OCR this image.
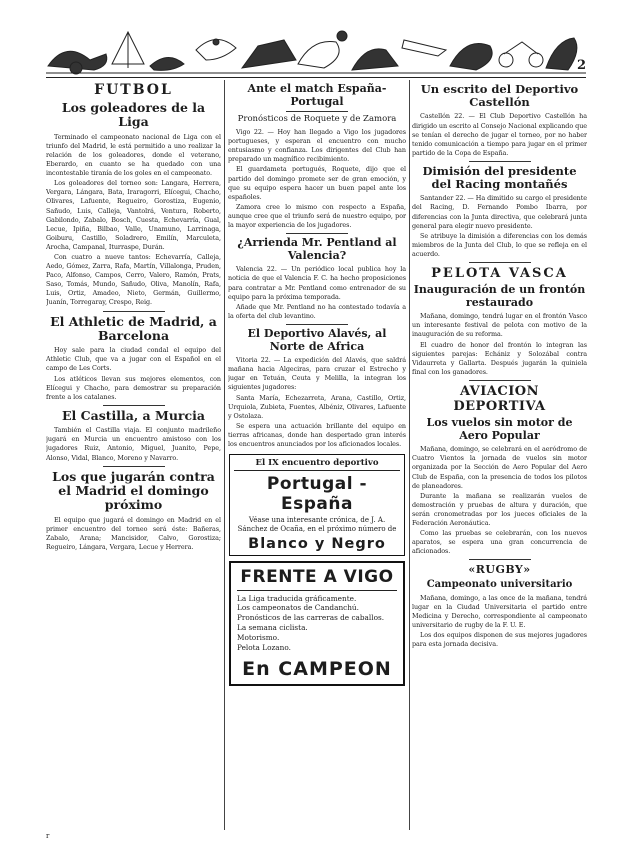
2
FUTBOL
Los goleadores de la Liga

Terminado el campeonato nacional de Liga con el triunfo del Madrid, le está permitido a uno realizar la relación de los goleadores, donde el veterano, Eberardo, en cuanto se ha quedado con una incontestable tiranía de los goles en el campeonato.

Los goleadores del torneo son: Langara, Herrera, Vergara, Lángara, Bata, Iraragorri, Elícegui, Chacho, Olivares, Lafuente, Regueiro, Gorostiza, Eugenio, Sañudo, Luis, Calleja, Vantolrá, Ventura, Roberto, Gabilondo, Zabalo, Bosch, Cuesta, Echevarría, Gual, Lecue, Ipiña, Bilbao, Valle, Unamuno, Larrinaga, Goiburu, Castillo, Soladrero, Emilín, Marculeta, Arocha, Campanal, Iturraspe, Durán.

Con cuatro a nueve tantos: Echevarría, Calleja, Aedo, Gómez, Zarra, Rafa, Martín, Villalonga, Pruden, Paco, Alfonso, Campos, Cerro, Valero, Ramón, Prats, Saso, Tomás, Mundo, Sañudo, Oliva, Manolín, Rafa, Luis, Ortiz, Amadeo, Nieto, Germán, Guillermo, Juanín, Torregaray, Crespo, Reig.

El Athletic de Madrid, a Barcelona

Hoy sale para la ciudad condal el equipo del Athletic Club, que va a jugar con el Español en el campo de Les Corts.

Los atléticos llevan sus mejores elementos, con Elícegui y Chacho, para demostrar su preparación frente a los catalanes.

El Castilla, a Murcia

También el Castilla viaja. El conjunto madrileño jugará en Murcia un encuentro amistoso con los jugadores Ruiz, Antonio, Miguel, Juanito, Pepe, Alonso, Vidal, Blanco, Moreno y Navarro.

Los que jugarán contra el Madrid el domingo próximo

El equipo que jugará el domingo en Madrid en el primer encuentro del torneo será éste: Bañeras, Zabalo, Arana; Mancisidor, Calvo, Gorostiza; Regueiro, Lángara, Vergara, Lecue y Herrera.

Ante el match España-Portugal
Pronósticos de Roquete y de Zamora

Vigo 22. — Hoy han llegado a Vigo los jugadores portugueses, y esperan el encuentro con mucho entusiasmo y confianza. Los dirigentes del Club han preparado un magnífico recibimiento.

El guardameta portugués, Roquete, dijo que el partido del domingo promete ser de gran emoción, y que su equipo espera hacer un buen papel ante los españoles.

Zamora cree lo mismo con respecto a España, aunque cree que el triunfo será de nuestro equipo, por la mayor experiencia de los jugadores.

¿Arrienda Mr. Pentland al Valencia?

Valencia 22. — Un periódico local publica hoy la noticia de que el Valencia F. C. ha hecho proposiciones para contratar a Mr. Pentland como entrenador de su equipo para la próxima temporada.

Añade que Mr. Pentland no ha contestado todavía a la oferta del club levantino.

El Deportivo Alavés, al Norte de Africa

Vitoria 22. — La expedición del Alavés, que saldrá mañana hacia Algeciras, para cruzar el Estrecho y jugar en Tetuán, Ceuta y Melilla, la integran los siguientes jugadores:

Santa María, Echezarreta, Arana, Castillo, Ortiz, Urquiola, Zubieta, Fuentes, Albéniz, Olivares, Lafuente y Ostolaza.

Se espera una actuación brillante del equipo en tierras africanas, donde han despertado gran interés los encuentros anunciados por los aficionados locales.

El IX encuentro deportivo
Portugal - España
Véase una interesante crónica, de J. A. Sánchez de Ocaña, en el próximo número de
Blanco y Negro
FRENTE A VIGO
La Liga traducida gráficamente.
Los campeonatos de Candanchú.
Pronósticos de las carreras de caballos.
La semana ciclista.
Motorismo.
Pelota Lozano.
En CAMPEON
Un escrito del Deportivo Castellón

Castellón 22. — El Club Deportivo Castellón ha dirigido un escrito al Consejo Nacional explicando que se tenían el derecho de jugar el torneo, por no haber tenido comunicación a tiempo para jugar en el primer partido de la Copa de España.

Dimisión del presidente del Racing montañés

Santander 22. — Ha dimitido su cargo el presidente del Racing, D. Fernando Pombo Ibarra, por diferencias con la Junta directiva, que celebrará junta general para elegir nuevo presidente.

Se atribuye la dimisión a diferencias con los demás miembros de la Junta del Club, lo que se refleja en el acuerdo.

PELOTA VASCA
Inauguración de un frontón restaurado

Mañana, domingo, tendrá lugar en el frontón Vasco un interesante festival de pelota con motivo de la inauguración de su reforma.

El cuadro de honor del frontón lo integran las siguientes parejas: Echániz y Solozábal contra Vidaurreta y Gallarta. Después jugarán la quiniela final con los ganadores.

AVIACION DEPORTIVA
Los vuelos sin motor de Aero Popular

Mañana, domingo, se celebrará en el aeródromo de Cuatro Vientos la jornada de vuelos sin motor organizada por la Sección de Aero Popular del Aero Club de España, con la presencia de todos los pilotos de planeadores.

Durante la mañana se realizarán vuelos de demostración y pruebas de altura y duración, que serán cronometradas por los jueces oficiales de la Federación Aeronáutica.

Como las pruebas se celebrarán, con los nuevos aparatos, se espera una gran concurrencia de aficionados.

«RUGBY»
Campeonato universitario

Mañana, domingo, a las once de la mañana, tendrá lugar en la Ciudad Universitaria el partido entre Medicina y Derecho, correspondiente al campeonato universitario de rugby de la F. U. E.

Los dos equipos disponen de sus mejores jugadores para esta jornada decisiva.

r
